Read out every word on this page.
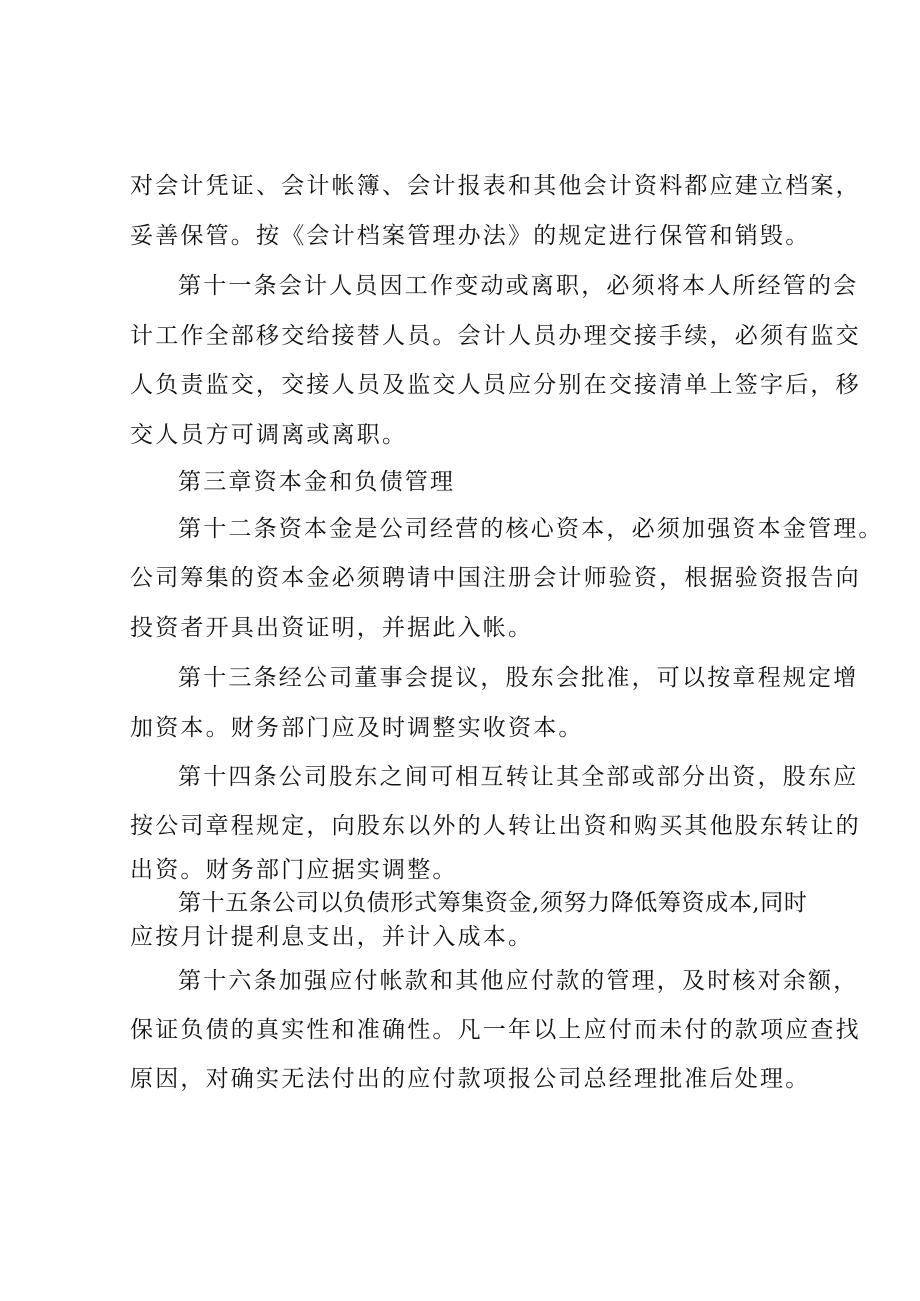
对会计凭证、会计帐簿、会计报表和其他会计资料都应建立档案，
妥善保管。按《会计档案管理办法》的规定进行保管和销毁。
第十一条会计人员因工作变动或离职，必须将本人所经管的会
计工作全部移交给接替人员。会计人员办理交接手续，必须有监交
人负责监交，交接人员及监交人员应分别在交接清单上签字后，移
交人员方可调离或离职。
第三章资本金和负债管理
第十二条资本金是公司经营的核心资本，必须加强资本金管理。
公司筹集的资本金必须聘请中国注册会计师验资，根据验资报告向
投资者开具出资证明，并据此入帐。
第十三条经公司董事会提议，股东会批准，可以按章程规定增
加资本。财务部门应及时调整实收资本。
第十四条公司股东之间可相互转让其全部或部分出资，股东应
按公司章程规定，向股东以外的人转让出资和购买其他股东转让的
出资。财务部门应据实调整。
第十五条公司以负债形式筹集资金,须努力降低筹资成本,同时
应按月计提利息支出，并计入成本。
第十六条加强应付帐款和其他应付款的管理，及时核对余额，
保证负债的真实性和准确性。凡一年以上应付而未付的款项应查找
原因，对确实无法付出的应付款项报公司总经理批准后处理。
